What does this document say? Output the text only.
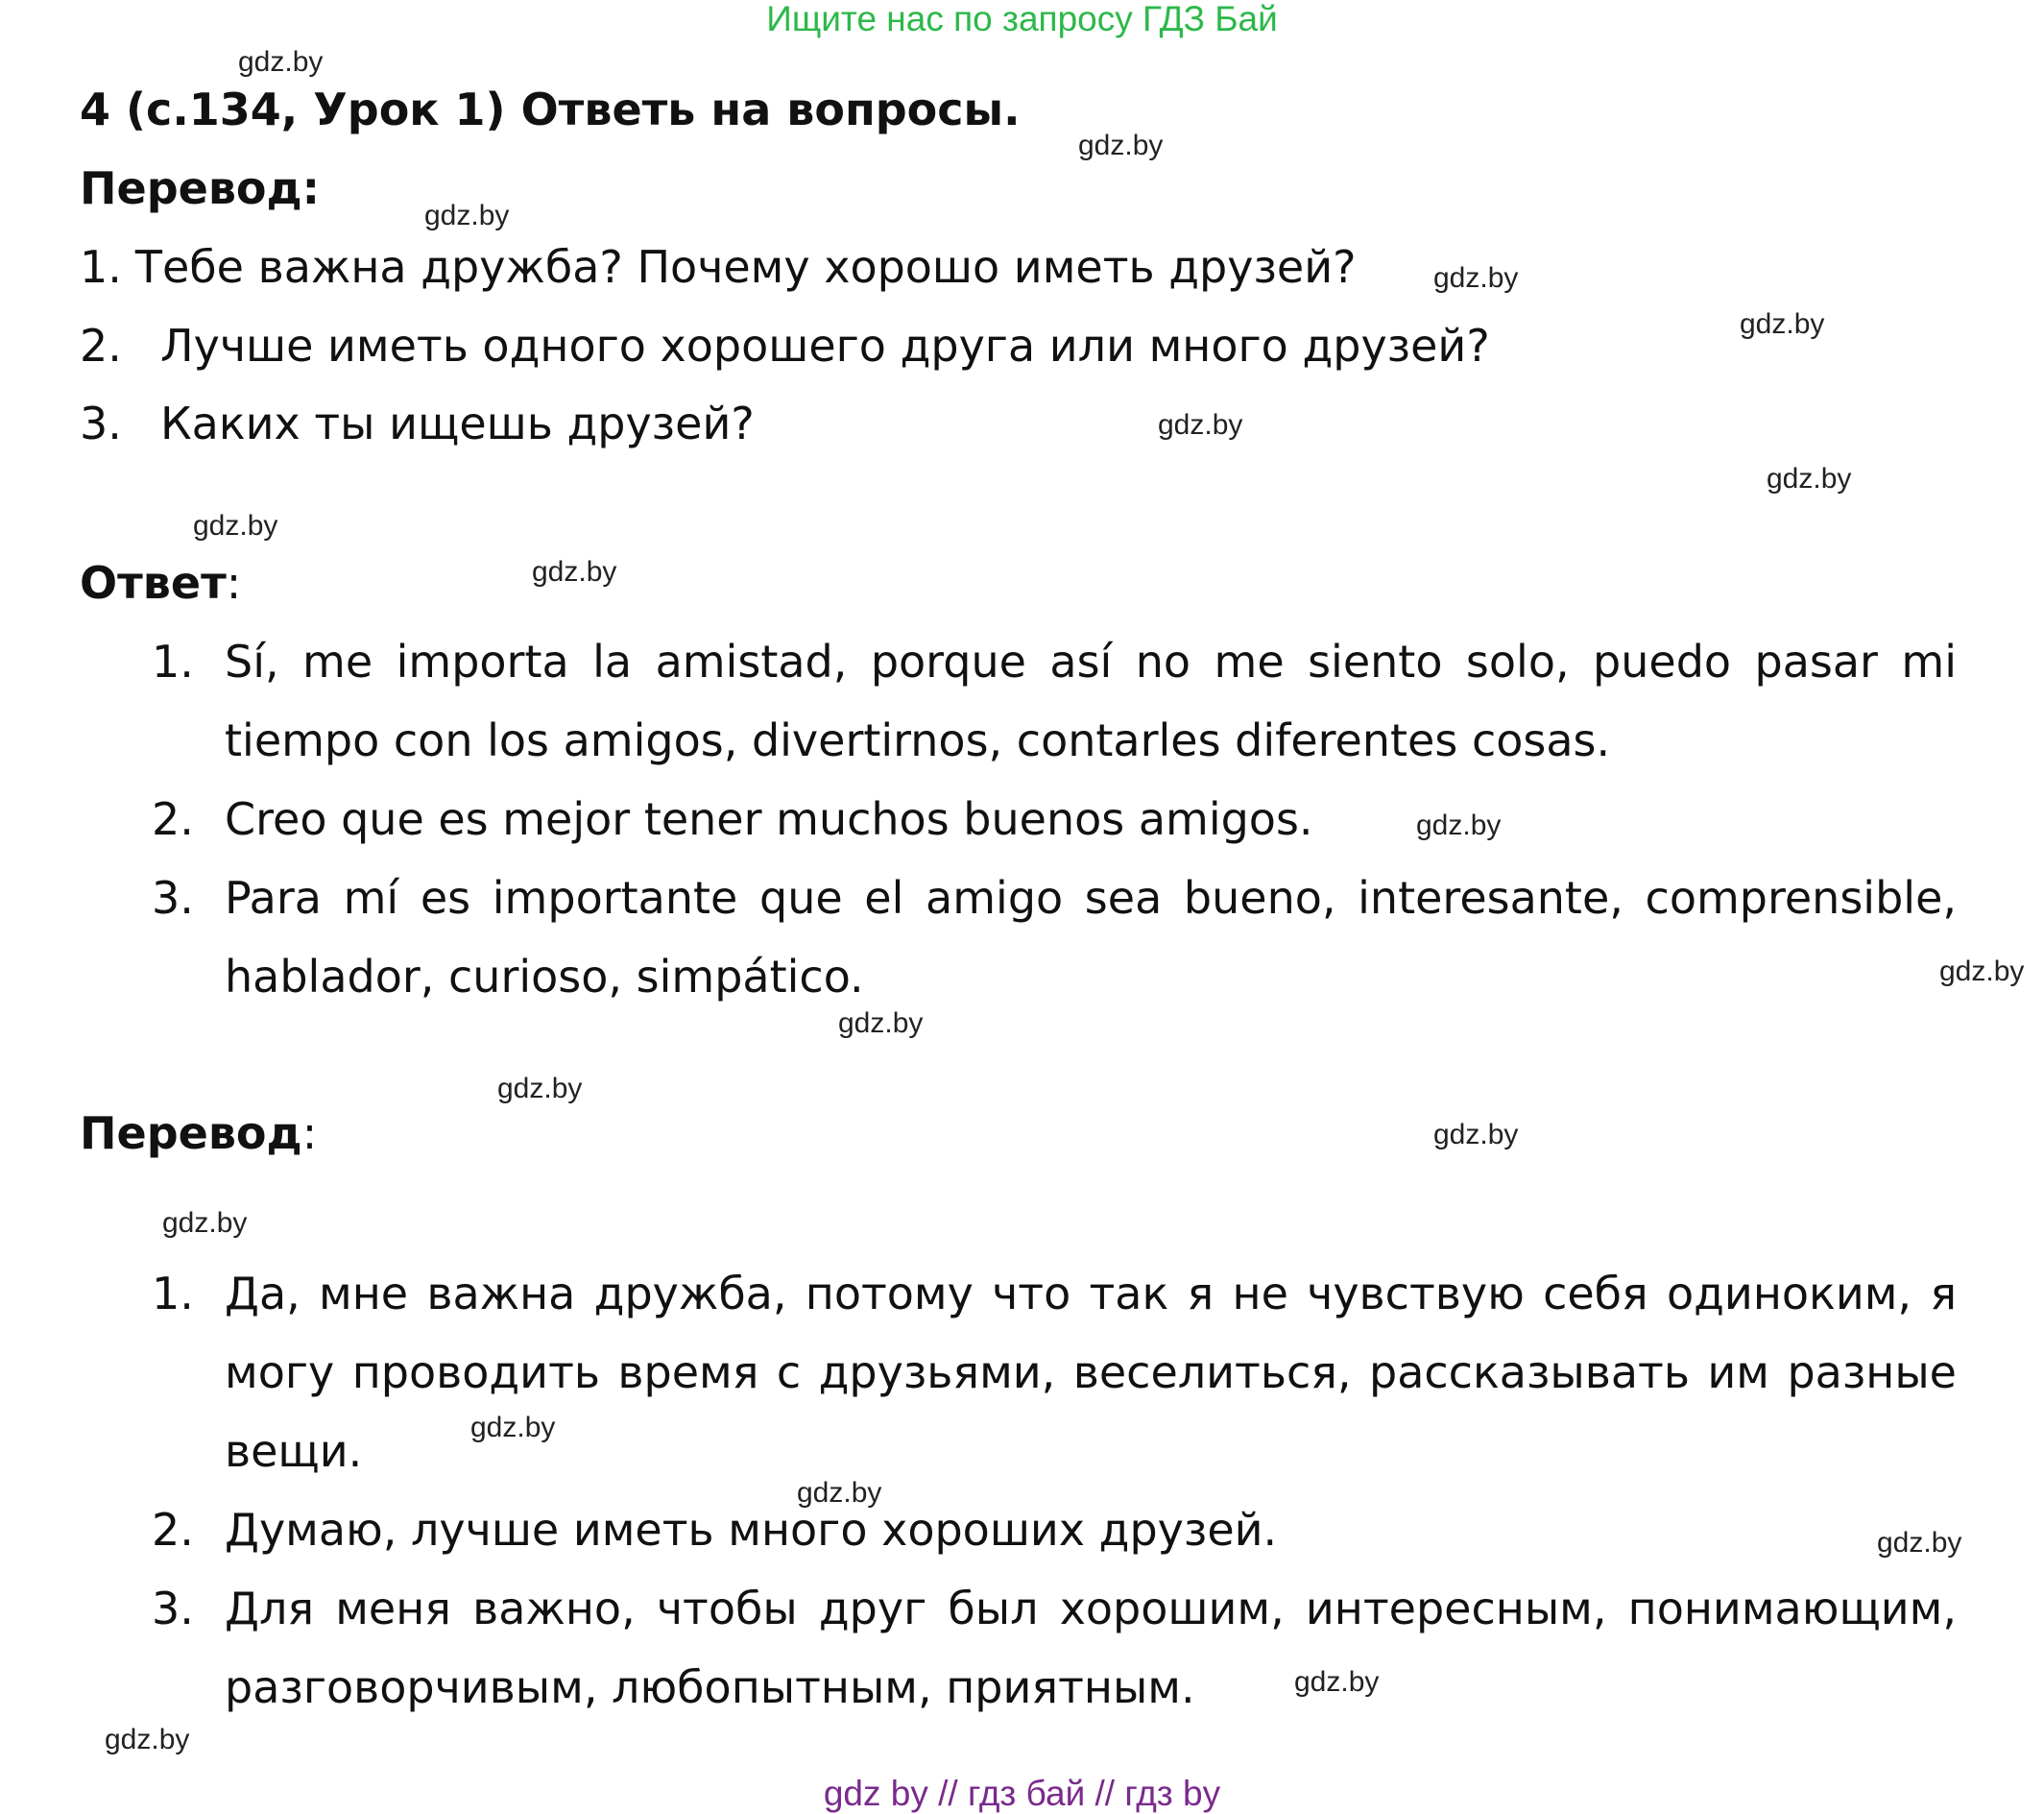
Ищите нас по запросу ГДЗ Бай
4 (с.134, Урок 1) Ответь на вопросы.
Перевод:
1. Тебе важна дружба? Почему хорошо иметь друзей?
2. Лучше иметь одного хорошего друга или много друзей?
3. Каких ты ищешь друзей?
Ответ:
1. Sí, me importa la amistad, porque así no me siento solo, puedo pasar mi
tiempo con los amigos, divertirnos, contarles diferentes cosas.
2. Creo que es mejor tener muchos buenos amigos.
3. Para mí es importante que el amigo sea bueno, interesante, comprensible,
hablador, curioso, simpático.
Перевод:
1. Да, мне важна дружба, потому что так я не чувствую себя одиноким, я
могу проводить время с друзьями, веселиться, рассказывать им разные
вещи.
2. Думаю, лучше иметь много хороших друзей.
3. Для меня важно, чтобы друг был хорошим, интересным, понимающим,
разговорчивым, любопытным, приятным.
gdz.by
gdz.by
gdz.by
gdz.by
gdz.by
gdz.by
gdz.by
gdz.by
gdz.by
gdz.by
gdz.by
gdz.by
gdz.by
gdz.by
gdz.by
gdz.by
gdz.by
gdz.by
gdz.by
gdz.by
gdz by // гдз бай // гдз by
